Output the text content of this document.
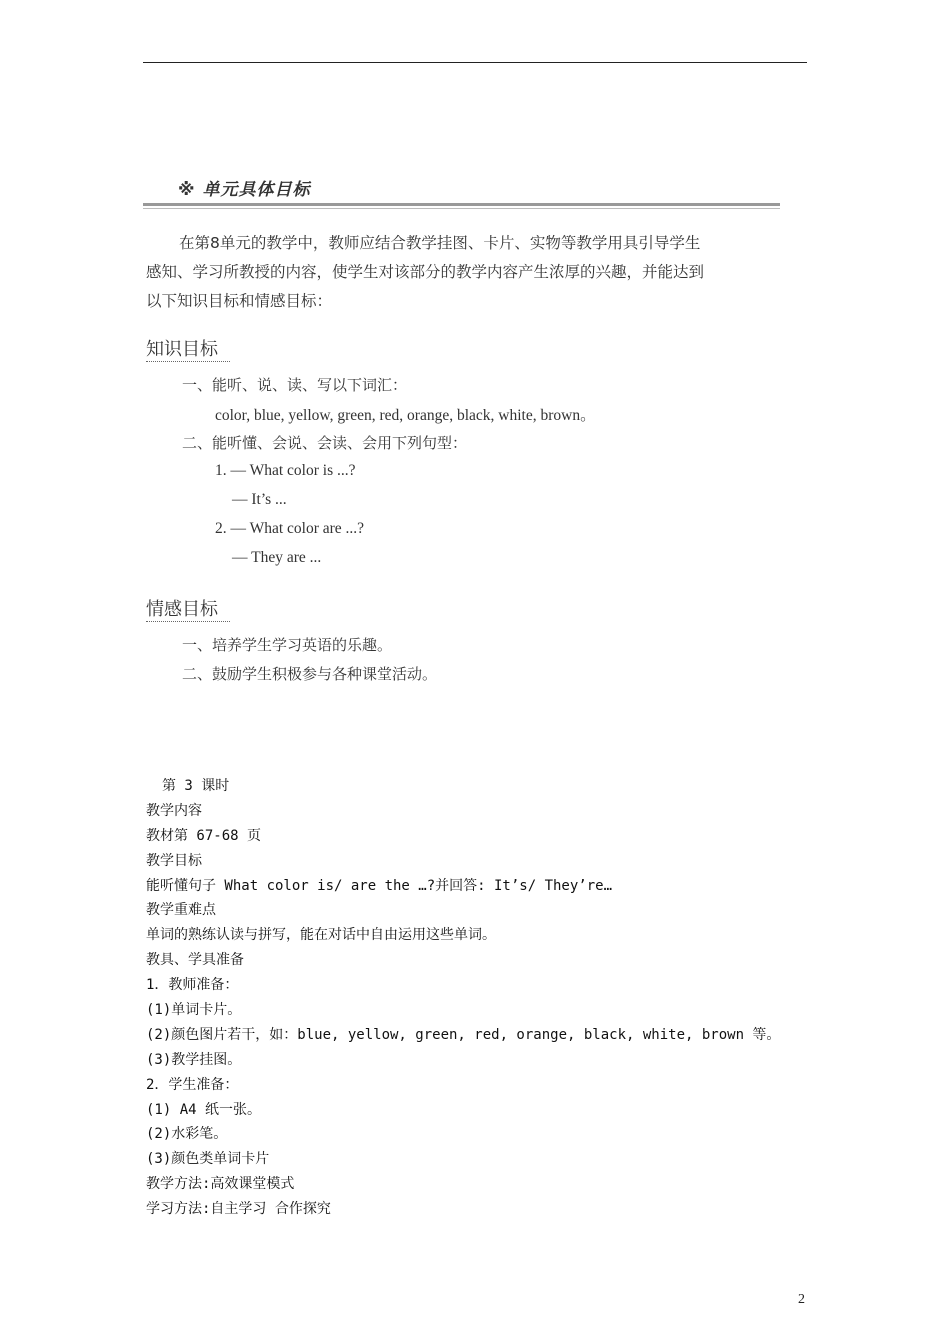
※ 单元具体目标
在第8单元的教学中，教师应结合教学挂图、卡片、实物等教学用具引导学生
感知、学习所教授的内容，使学生对该部分的教学内容产生浓厚的兴趣，并能达到
以下知识目标和情感目标：
知识目标
一、能听、说、读、写以下词汇：
color, blue, yellow, green, red, orange, black, white, brown。
二、能听懂、会说、会读、会用下列句型：
1. — What color is ...?
— It’s ...
2. — What color are ...?
— They are ...
情感目标
一、培养学生学习英语的乐趣。
二、鼓励学生积极参与各种课堂活动。
第 3 课时
教学内容
教材第 67-68 页
教学目标
能听懂句子 What color is/ are the …?并回答: It’s/ They’re…
教学重难点
单词的熟练认读与拼写，能在对话中自由运用这些单词。
教具、学具准备
1．教师准备：
(1)单词卡片。
(2)颜色图片若干，如：blue, yellow, green, red, orange, black, white, brown 等。
(3)教学挂图。
2．学生准备：
(1) A4 纸一张。
(2)水彩笔。
(3)颜色类单词卡片
教学方法:高效课堂模式
学习方法:自主学习 合作探究
2
